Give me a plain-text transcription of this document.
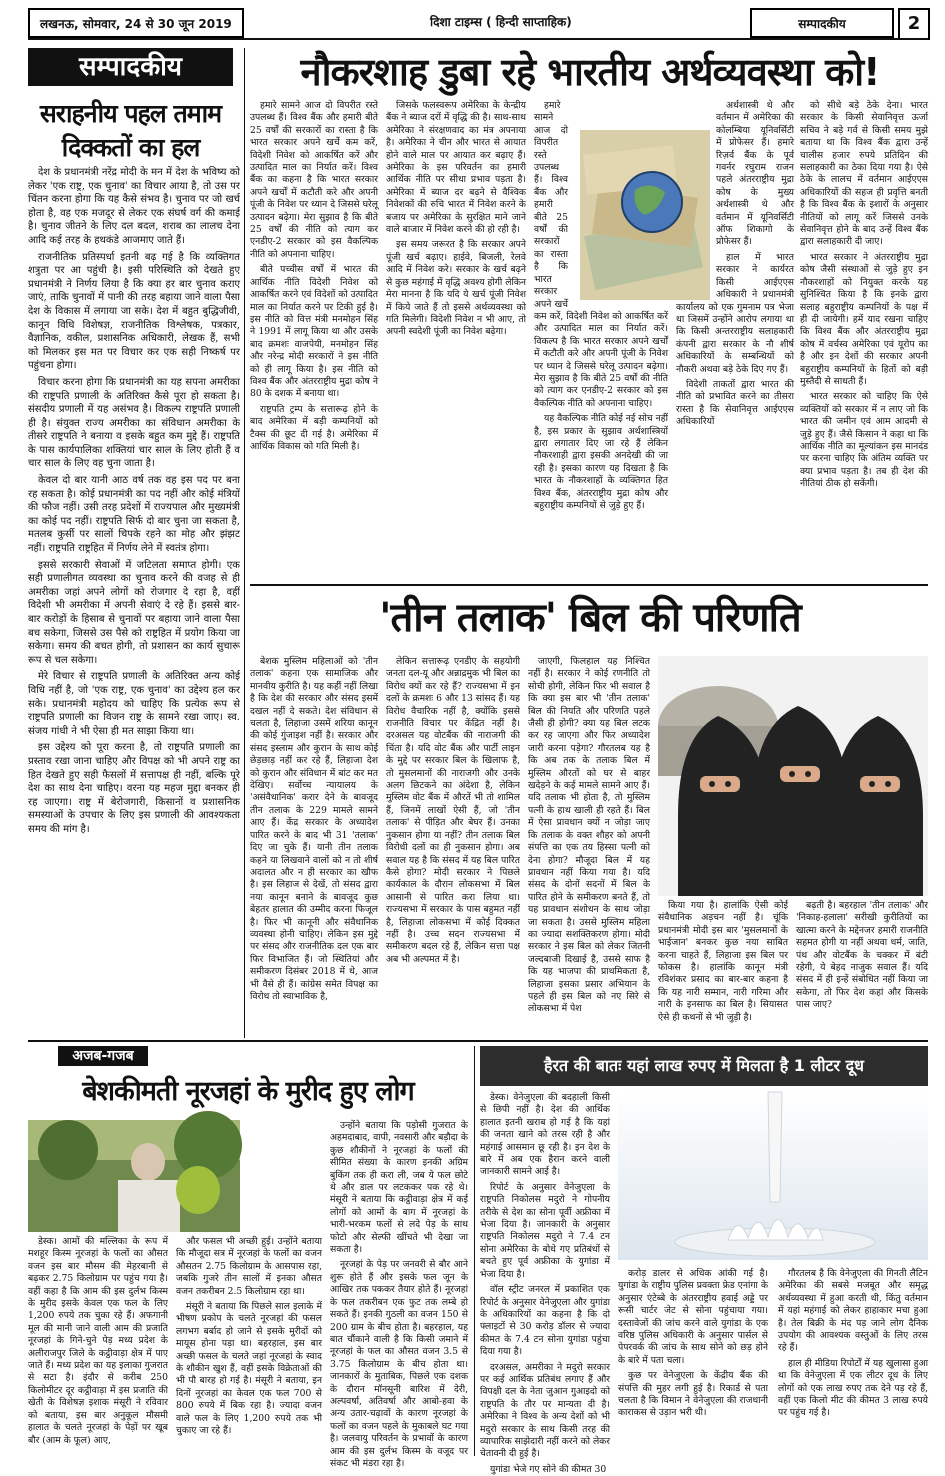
लखनऊ, सोमवार, 24 से 30 जून 2019	दिशा टाइम्स ( हिन्दी साप्ताहिक)	सम्पादकीय	2
सम्पादकीय
सराहनीय पहल तमाम
दिक्कतों का हल

देश के प्रधानमंत्री नरेंद्र मोदी के मन में देश के भविष्य को लेकर 'एक राष्ट्र, एक चुनाव' का विचार आया है, तो उस पर चिंतन करना होगा कि यह कैसे संभव है। चुनाव पर जो खर्च होता है, वह एक मजदूर से लेकर एक संघर्ष वर्ग की कमाई है। चुनाव जीतने के लिए दल बदल, शराब का लालच देना आदि कई तरह के हथकंडे आजमाए जाते हैं।

राजनीतिक प्रतिस्पर्धा इतनी बढ़ गई है कि व्यक्तिगत शत्रुता पर आ पहुंची है। इसी परिस्थिति को देखते हुए प्रधानमंत्री ने निर्णय लिया है कि क्या हर बार चुनाव कराए जाएं, ताकि चुनावों में पानी की तरह बहाया जाने वाला पैसा देश के विकास में लगाया जा सके। देश में बहुत बुद्धिजीवी, कानून विधि विशेषज्ञ, राजनीतिक विश्लेषक, पत्रकार, वैज्ञानिक, वकील, प्रशासनिक अधिकारी, लेखक हैं, सभी को मिलकर इस मत पर विचार कर एक सही निष्कर्ष पर पहुंचना होगा।

विचार करना होगा कि प्रधानमंत्री का यह सपना अमरीका की राष्ट्रपति प्रणाली के अतिरिक्त कैसे पूरा हो सकता है। संसदीय प्रणाली में यह असंभव है। विकल्प राष्ट्रपति प्रणाली ही है। संयुक्त राज्य अमरीका का संविधान अमरीका के तीसरे राष्ट्रपति ने बनाया व इसके बहुत कम मुद्दे हैं। राष्ट्रपति के पास कार्यपालिका शक्तियां चार साल के लिए होती हैं व चार साल के लिए वह चुना जाता है।

केवल दो बार यानी आठ वर्ष तक वह इस पद पर बना रह सकता है। कोई प्रधानमंत्री का पद नहीं और कोई मंत्रियों की फौज नहीं। उसी तरह प्रदेशों में राज्यपाल और मुख्यमंत्री का कोई पद नहीं। राष्ट्रपति सिर्फ दो बार चुना जा सकता है, मतलब कुर्सी पर सालों चिपके रहने का मोह और झंझट नहीं। राष्ट्रपति राष्ट्रहित में निर्णय लेने में स्वतंत्र होगा।

इससे सरकारी सेवाओं में जटिलता समाप्त होगी। एक सही प्रणालीगत व्यवस्था का चुनाव करने की वजह से ही अमरीका जहां अपने लोगों को रोजगार दे रहा है, वहीं विदेशी भी अमरीका में अपनी सेवाएं दे रहे हैं। इससे बार-बार करोड़ों के हिसाब से चुनावों पर बहाया जाने वाला पैसा बच सकेगा, जिससे उस पैसे को राष्ट्रहित में प्रयोग किया जा सकेगा। समय की बचत होगी, तो प्रशासन का कार्य सुचारू रूप से चल सकेगा।

मेरे विचार से राष्ट्रपति प्रणाली के अतिरिक्त अन्य कोई विधि नहीं है, जो 'एक राष्ट्र, एक चुनाव' का उद्देश्य हल कर सके। प्रधानमंत्री महोदय को चाहिए कि प्रत्येक रूप से राष्ट्रपति प्रणाली का विजन राष्ट्र के सामने रखा जाए। स्व. संजय गांधी ने भी ऐसा ही मत साझा किया था।

इस उद्देश्य को पूरा करना है, तो राष्ट्रपति प्रणाली का प्रस्ताव रखा जाना चाहिए और विपक्ष को भी अपने राष्ट्र का हित देखते हुए सही फैसलों में सत्तापक्ष ही नहीं, बल्कि पूरे देश का साथ देना चाहिए। वरना यह महज मुद्दा बनकर ही रह जाएगा। राष्ट्र में बेरोजगारी, किसानों व प्रशासनिक समस्याओं के उपचार के लिए इस प्रणाली की आवश्यकता समय की मांग है।

नौकरशाह डुबा रहे भारतीय अर्थव्यवस्था को!

हमारे सामने आज दो विपरीत रस्ते उपलब्ध हैं। विश्व बैंक और हमारी बीते 25 वर्षों की सरकारों का रास्ता है कि भारत सरकार अपने खर्चे कम करें, विदेशी निवेश को आकर्षित करें और उत्पादित माल का निर्यात करें। विश्व बैंक का कहना है कि भारत सरकार अपने खर्चों में कटौती करे और अपनी पूंजी के निवेश पर ध्यान दे जिससे घरेलू उत्पादन बढ़ेगा। मेरा सुझाव है कि बीते 25 वर्षों की नीति को त्याग कर एनडीए-2 सरकार को इस वैकल्पिक नीति को अपनाना चाहिए।

बीते पच्चीस वर्षों में भारत की आर्थिक नीति विदेशी निवेश को आकर्षित करने एवं विदेशों को उत्पादित माल का निर्यात करने पर टिकी हुई है। इस नीति को वित्त मंत्री मनमोहन सिंह ने 1991 में लागू किया था और उसके बाद क्रमशः वाजपेयी, मनमोहन सिंह और नरेन्द्र मोदी सरकारों ने इस नीति को ही लागू किया है। इस नीति को विश्व बैंक और अंतरराष्ट्रीय मुद्रा कोष ने 80 के दशक में बनाया था।

राष्ट्रपति ट्रम्प के सत्तारूढ़ होने के बाद अमेरिका में बड़ी कम्पनियों को टैक्स की छूट दी गई है। अमेरिका में आर्थिक विकास को गति मिली है।

जिसके फलस्वरूप अमेरिका के केन्द्रीय बैंक ने ब्याज दरों में वृद्धि की है। साथ-साथ अमेरिका ने संरक्षणवाद का मंत्र अपनाया है। अमेरिका ने चीन और भारत से आयात होने वाले माल पर आयात कर बढ़ाए हैं। अमेरिका के इस परिवर्तन का हमारी आर्थिक नीति पर सीधा प्रभाव पड़ता है। अमेरिका में ब्याज दर बढ़ने से वैश्विक निवेशकों की रुचि भारत में निवेश करने के बजाय पर अमेरिका के सुरक्षित माने जाने वाले बाजार में निवेश करने की हो रही है।

इस समय जरूरत है कि सरकार अपने पूंजी खर्च बढ़ाए। हाईवे, बिजली, रेलवे आदि में निवेश करे। सरकार के खर्च बढ़ने से कुछ महंगाई में वृद्धि अवश्य होगी लेकिन मेरा मानना है कि यदि ये खर्च पूंजी निवेश में किये जाते हैं तो इससे अर्थव्यवस्था को गति मिलेगी। विदेशी निवेश न भी आए, तो अपनी स्वदेशी पूंजी का निवेश बढ़ेगा।

हमारे सामने आज दो विपरीत रस्ते उपलब्ध हैं। विश्व बैंक और हमारी बीते 25 वर्षों की सरकारों का रास्ता है कि भारत सरकार अपने खर्चे कम करें, विदेशी निवेश को आकर्षित करें और उत्पादित माल का निर्यात करें। विकल्प है कि भारत सरकार अपने खर्चों में कटौती करे और अपनी पूंजी के निवेश पर ध्यान दे जिससे घरेलू उत्पादन बढ़ेगा। मेरा सुझाव है कि बीते 25 वर्षों की नीति को त्याग कर एनडीए-2 सरकार को इस वैकल्पिक नीति को अपनाना चाहिए।

यह वैकल्पिक नीति कोई नई सोच नहीं है, इस प्रकार के सुझाव अर्थशास्त्रियों द्वारा लगातार दिए जा रहे हैं लेकिन नौकरशाही द्वारा इसकी अनदेखी की जा रही है। इसका कारण यह दिखता है कि भारत के नौकरशाहों के व्यक्तिगत हित विश्व बैंक, अंतरराष्ट्रीय मुद्रा कोष और बहुराष्ट्रीय कम्पनियों से जुड़े हुए हैं।

अर्थशास्त्री थे और वर्तमान में अमेरिका की कोलम्बिया यूनिवर्सिटी में प्रोफेसर हैं। हमारे रिज़र्व बैंक के पूर्व गवर्नर रघुराम राजन पहले अंतरराष्ट्रीय मुद्रा कोष के मुख्य अर्थशास्त्री थे और वर्तमान में यूनिवर्सिटी ऑफ शिकागो के प्रोफेसर हैं।

हाल में भारत सरकार ने कार्यरत किसी आईएएस अधिकारी ने प्रधानमंत्री कार्यालय को एक गुमनाम पत्र भेजा था जिसमें उन्होंने आरोप लगाया था कि किसी अन्तरराष्ट्रीय सलाहकारी कंपनी द्वारा सरकार के नौ शीर्ष अधिकारियों के सम्बन्धियों को नौकरी अथवा बड़े ठेके दिए गए हैं।

विदेशी ताकतों द्वारा भारत की नीति को प्रभावित करने का तीसरा रास्ता है कि सेवानिवृत्त आईएएस अधिकारियों

को सीधे बड़े ठेके देना। भारत सरकार के किसी सेवानिवृत्त ऊर्जा सचिव ने बड़े गर्व से किसी समय मुझे बताया था कि विश्व बैंक द्वारा उन्हें चालीस हजार रुपये प्रतिदिन की सलाहकारी का ठेका दिया गया है। ऐसे ठेके के लालच में वर्तमान आईएएस अधिकारियों की सहज ही प्रवृत्ति बनती है कि विश्व बैंक के इशारों के अनुसार नीतियों को लागू करें जिससे उनके सेवानिवृत्त होने के बाद उन्हें विश्व बैंक द्वारा सलाहकारी दी जाए।

भारत सरकार ने अंतरराष्ट्रीय मुद्रा कोष जैसी संस्थाओं से जुड़े हुए इन नौकरशाहों को नियुक्त करके यह सुनिश्चित किया है कि इनके द्वारा सलाह बहुराष्ट्रीय कम्पनियों के पक्ष में ही दी जायेगी। हमें याद रखना चाहिए कि विश्व बैंक और अंतरराष्ट्रीय मुद्रा कोष में वर्चस्व अमेरिका एवं यूरोप का है और इन देशों की सरकार अपनी बहुराष्ट्रीय कम्पनियों के हितों को बड़ी मुस्तैदी से साधती हैं।

भारत सरकार को चाहिए कि ऐसे व्यक्तियों को सरकार में न लाए जो कि भारत की जमीन एवं आम आदमी से जुड़े हुए हैं। जैसे किसान ने कहा था कि आर्थिक नीति का मूल्यांकन इस मानदंड पर करना चाहिए कि अंतिम व्यक्ति पर क्या प्रभाव पड़ता है। तब ही देश की नीतियां ठीक हो सकेंगी।

'तीन तलाक' बिल की परिणति

बेशक मुस्लिम महिलाओं को 'तीन तलाक' कहना एक सामाजिक और मानवीय कुरीति है। यह कहीं नहीं लिखा है कि देश की सरकार और संसद इसमें दखल नहीं दे सकते। देश संविधान से चलता है, लिहाजा उसमें शरिया कानून की कोई गुंजाइश नहीं है। सरकार और संसद इस्लाम और कुरान के साथ कोई छेड़छाड़ नहीं कर रहे हैं, लिहाजा देश को कुरान और संविधान में बांट कर मत देखिए। सर्वोच्च न्यायालय के 'असंवैधानिक' करार देने के बावजूद तीन तलाक के 229 मामले सामने आए हैं। केंद्र सरकार के अध्यादेश पारित करने के बाद भी 31 'तलाक' दिए जा चुके हैं। यानी तीन तलाक कहने या लिखवाने वालों को न तो शीर्ष अदालत और न ही सरकार का खौफ है। इस लिहाज से देखें, तो संसद द्वारा नया कानून बनाने के बावजूद कुछ बेहतर हालात की उम्मीद करना फिजूल है। फिर भी कानूनी और संवैधानिक व्यवस्था होनी चाहिए। लेकिन इस मुद्दे पर संसद और राजनीतिक दल एक बार फिर विभाजित हैं। जो स्थितियां और समीकरण दिसंबर 2018 में थे, आज भी वैसे ही हैं। कांग्रेस समेत विपक्ष का विरोध तो स्वाभाविक है,

लेकिन सत्तारूढ़ एनडीए के सहयोगी जनता दल-यू और अन्नाद्रमुक भी बिल का विरोध क्यों कर रहे हैं? राज्यसभा में इन दलों के क्रमशः 6 और 13 सांसद हैं। यह विरोध वैचारिक नहीं है, क्योंकि इससे राजनीति विचार पर केंद्रित नहीं है। दरअसल यह वोटबैंक की नाराजगी की चिंता है। यदि वोट बैंक और पार्टी लाइन के मुद्दे पर सरकार बिल के खिलाफ है, तो मुसलमानों की नाराजगी और उनके अलग छिटकने का अंदेशा है, लेकिन मुस्लिम वोट बैंक में औरतें भी तो शामिल हैं, जिनमें लाखों ऐसी हैं, जो 'तीन तलाक' से पीड़ित और बेघर हैं। उनका नुकसान होगा या नहीं? तीन तलाक बिल विरोधी दलों का ही नुकसान होगा। अब सवाल यह है कि संसद में यह बिल पारित कैसे होगा? मोदी सरकार ने पिछले कार्यकाल के दौरान लोकसभा में बिल आसानी से पारित करा लिया था। राज्यसभा में सरकार के पास बहुमत नहीं है, लिहाजा लोकसभा में कोई दिक्कत नहीं है। उच्च सदन राज्यसभा में समीकरण बदल रहे हैं, लेकिन सत्ता पक्ष अब भी अल्पमत में है।

जाएगी, फिलहाल यह निश्चित नहीं है। सरकार ने कोई रणनीति तो सोची होगी, लेकिन फिर भी सवाल है कि क्या इस बार भी 'तीन तलाक' बिल की नियति और परिणति पहले जैसी ही होगी? क्या यह बिल लटक कर रह जाएगा और फिर अध्यादेश जारी करना पड़ेगा? गौरतलब यह है कि अब तक के तलाक बिल में मुस्लिम औरतों को घर से बाहर खदेड़ने के कई मामले सामने आए हैं। यदि तलाक भी होता है, तो मुस्लिम पत्नी के हाथ खाली ही रहते हैं। बिल में ऐसा प्रावधान क्यों न जोड़ा जाए कि तलाक के वक्त शौहर को अपनी संपत्ति का एक तय हिस्सा पत्नी को देना होगा? मौजूदा बिल में यह प्रावधान नहीं किया गया है। यदि संसद के दोनों सदनों में बिल के पारित होने के समीकरण बनते हैं, तो यह प्रावधान संशोधन के साथ जोड़ा जा सकता है। उससे मुस्लिम महिला का ज्यादा सशक्तिकरण होगा। मोदी सरकार ने इस बिल को लेकर जितनी जल्दबाजी दिखाई है, उससे साफ है कि यह भाजपा की प्राथमिकता है, लिहाजा इसका प्रसार अभियान के पहले ही इस बिल को नए सिरे से लोकसभा में पेश

किया गया है। हालांकि ऐसी कोई संवैधानिक अड़चन नहीं है। चूंकि प्रधानमंत्री मोदी इस बार 'मुसलमानों के भाईजान' बनकर कुछ नया साबित करना चाहते हैं, लिहाजा इस बिल पर फोकस है। हालांकि कानून मंत्री रविशंकर प्रसाद का बार-बार कहना है कि यह नारी सम्मान, नारी गरिमा और नारी के इनसाफ का बिल है। सियासत ऐसे ही कथनों से भी जुड़ी है।

बढ़ती है। बहरहाल 'तीन तलाक' और 'निकाह-हलाला' सरीखी कुरीतियों का खात्मा करने के मद्देनजर हमारी राजनीति सहमत होगी या नहीं अथवा धर्म, जाति, पंथ और वोटबैंक के चक्कर में बंटी रहेगी, ये बेहद नाजुक सवाल हैं। यदि संसद में ही इन्हें संबोधित नहीं किया जा सकेगा, तो फिर देश कहां और किसके पास जाए?

अजब-गजब
बेशकीमती नूरजहां के मुरीद हुए लोग

डेस्क। आमों की मल्लिका के रूप में मशहूर किस्म नूरजहां के फलों का औसत वजन इस बार मौसम की मेहरबानी से बढ़कर 2.75 किलोग्राम पर पहुंच गया है। वहीं कहा है कि आम की इस दुर्लभ किस्म के मुरीद इसके केवल एक फल के लिए 1,200 रुपये तक चुका रहे हैं। अफगानी मूल की मानी जाने वाली आम की प्रजाति नूरजहां के गिने-चुने पेड़ मध्य प्रदेश के अलीराजपुर जिले के कट्ठीवाड़ा क्षेत्र में पाए जाते हैं। मध्य प्रदेश का यह इलाका गुजरात से सटा है। इंदौर से करीब 250 किलोमीटर दूर कट्ठीवाड़ा में इस प्रजाति की खेती के विशेषज्ञ इशाक मंसूरी ने रविवार को बताया, इस बार अनुकूल मौसमी हालात के चलते नूरजहां के पेड़ों पर खूब बौर (आम के फूल) आए,

और फसल भी अच्छी हुई। उन्होंने बताया कि मौजूदा सत्र में नूरजहां के फलों का वजन औसतन 2.75 किलोग्राम के आसपास रहा, जबकि गुजरे तीन सालों में इनका औसत वजन तकरीबन 2.5 किलोग्राम रहा था।

मंसूरी ने बताया कि पिछले साल इलाके में भीषण प्रकोप के चलते नूरजहां की फसल लगभग बर्बाद हो जाने से इसके मुरीदों को मायूस होना पड़ा था। बहरहाल, इस बार अच्छी फसल के चलते जहां नूरजहां के स्वाद के शौकीन खुश हैं, वहीं इसके विक्रेताओं की भी पौ बारह हो गई है। मंसूरी ने बताया, इन दिनों नूरजहां का केवल एक फल 700 से 800 रुपये में बिक रहा है। ज्यादा वजन वाले फल के लिए 1,200 रुपये तक भी चुकाए जा रहे हैं।

उन्होंने बताया कि पड़ोसी गुजरात के अहमदाबाद, वापी, नवसारी और बड़ौदा के कुछ शौकीनों ने नूरजहां के फलों की सीमित संख्या के कारण इनकी अग्रिम बुकिंग तक ही करा ली, जब ये फल छोटे थे और डाल पर लटककर पक रहे थे। मंसूरी ने बताया कि कट्ठीवाड़ा क्षेत्र में कई लोगों को आमों के बाग में नूरजहां के भारी-भरकम फलों से लदे पेड़ के साथ फोटो और सेल्फी खींचते भी देखा जा सकता है।

नूरजहां के पेड़ पर जनवरी से बौर आने शुरू होते हैं और इसके फल जून के आखिर तक पककर तैयार होते हैं। नूरजहां के फल तकरीबन एक फुट तक लम्बे हो सकते हैं। इनकी गुठली का वजन 150 से 200 ग्राम के बीच होता है। बहरहाल, यह बात चौंकाने वाली है कि किसी जमाने में नूरजहां के फल का औसत वजन 3.5 से 3.75 किलोग्राम के बीच होता था। जानकारों के मुताबिक, पिछले एक दशक के दौरान मॉनसूनी बारिश में देरी, अल्पवर्षा, अतिवर्षा और आबो-हवा के अन्य उतार-चढ़ावों के कारण नूरजहां के फलों का वजन पहले के मुकाबले घट गया है। जलवायु परिवर्तन के प्रभावों के कारण आम की इस दुर्लभ किस्म के वजूद पर संकट भी मंडरा रहा है।

हैरत की बातः यहां लाख रुपए में मिलता है 1 लीटर दूध

डेस्क। वेनेजुएला की बदहाली किसी से छिपी नहीं है। देश की आर्थिक हालात इतनी खराब हो गई है कि यहां की जनता खाने को तरस रही है और महंगाई आसमान छू रही है। इन देश के बारे में अब एक हैरान करने वाली जानकारी सामने आई है।

रिपोर्ट के अनुसार वेनेजुएला के राष्ट्रपति निकोलस मदुरो ने गोपनीय तरीके से देश का सोना पूर्वी अफ्रीका में भेजा दिया है। जानकारी के अनुसार राष्ट्रपति निकोलस मदुरो ने 7.4 टन सोना अमेरिका के बोधे गए प्रतिबंधों से बचते हुए पूर्व अफ्रीका के युगांडा में भेजा दिया है।

वॉल स्ट्रीट जनरल में प्रकाशित एक रिपोर्ट के अनुसार वेनेजुएला और युगांडा के अधिकारियों का कहना है कि दो फ्लाइटों से 30 करोड़ डॉलर से ज्यादा कीमत के 7.4 टन सोना युगांडा पहुंचा दिया गया है।

दरअसल, अमरीका ने मदुरो सरकार पर कई आर्थिक प्रतिबंध लगाए हैं और विपक्षी दल के नेता जुआन गुआइदो को राष्ट्रपति के तौर पर मान्यता दी है। अमेरिका ने विश्व के अन्य देशों को भी मदुरो सरकार के साथ किसी तरह की व्यापारिक साझेदारी नहीं करने को लेकर चेतावनी दी हुई है।

युगांडा भेजे गए सोने की कीमत 30

करोड़ डालर से अधिक आंकी गई है। युगांडा के राष्ट्रीय पुलिस प्रवक्ता फ्रेड एनांगा के अनुसार एंटेब्बे के अंतरराष्ट्रीय हवाई अड्डे पर रूसी चार्टर जेट से सोना पहुंचाया गया। दस्तावेजों की जांच करने वाले युगांडा के एक वरिष्ठ पुलिस अधिकारी के अनुसार पार्सल से पेपरवर्क की जांच के साथ सोने को छड़ होने के बारे में पता चला।

कुछ पर वेनेजुएला के केंद्रीय बैंक की संपत्ति की मुहर लगी हुई है। रिकार्ड से पता चलता है कि विमान ने वेनेजुएला की राजधानी काराकस से उड़ान भरी थी।

गौरतलब है कि वेनेजुएला की गिनती लैटिन अमेरिका की सबसे मजबूत और समृद्ध अर्थव्यवस्था में हुआ करती थी, किंतु वर्तमान में यहां महंगाई को लेकर हाहाकार मचा हुआ है। तेल बिक्री के मंद पड़ जाने लोग दैनिक उपयोग की आवश्यक वस्तुओं के लिए तरस रहे हैं।

हाल ही मीडिया रिपोर्टों में यह खुलासा हुआ था कि वेनेजुएला में एक लीटर दूध के लिए लोगों को एक लाख रुपए तक देने पड़ रहे हैं, वहीं एक किलो मीट की कीमत 3 लाख रुपये पर पहुंच गई है।
